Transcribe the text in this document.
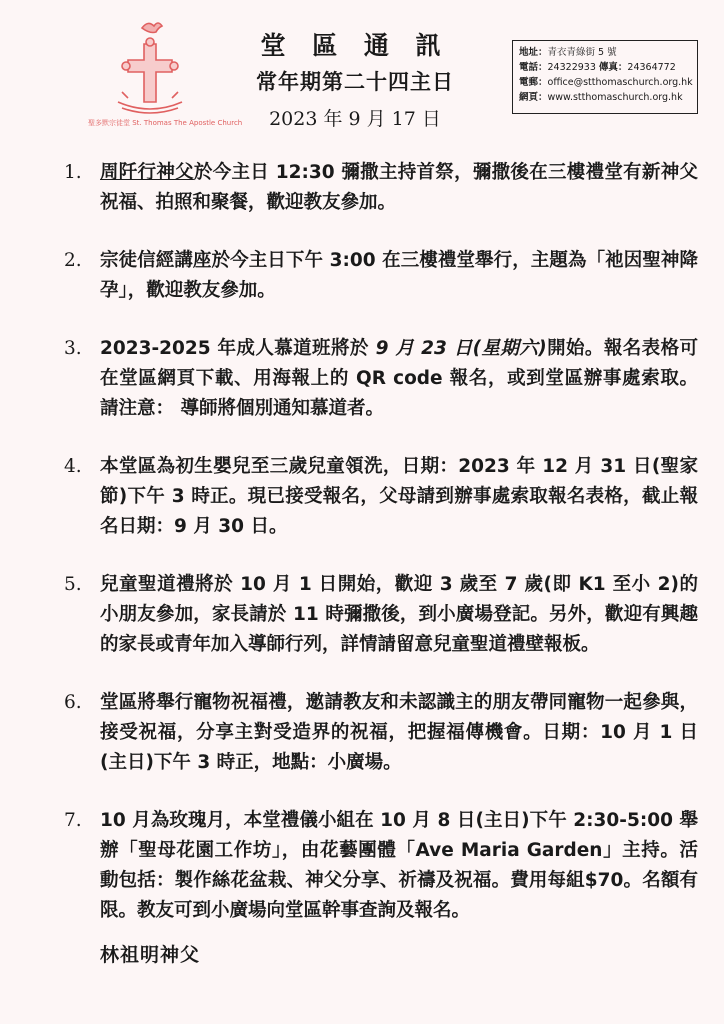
聖多默宗徒堂 St. Thomas The Apostle Church
堂 區 通 訊
常年期第二十四主日
2023 年 9 月 17 日
地址：青衣青綠街 5 號
電話：24322933 傳真：24364772
電郵：office@stthomaschurch.org.hk
網頁：www.stthomaschurch.org.hk
1. 周阡行神父於今主日 12:30 彌撒主持首祭，彌撒後在三樓禮堂有新神父祝福、拍照和聚餐，歡迎教友參加。
2. 宗徒信經講座於今主日下午 3:00 在三樓禮堂舉行，主題為「祂因聖神降孕」，歡迎教友參加。
3. 2023-2025 年成人慕道班將於 9 月 23 日(星期六)開始。報名表格可在堂區網頁下載、用海報上的 QR code 報名，或到堂區辦事處索取。請注意： 導師將個別通知慕道者。
4. 本堂區為初生嬰兒至三歲兒童領洗，日期：2023 年 12 月 31 日(聖家節)下午 3 時正。現已接受報名，父母請到辦事處索取報名表格，截止報名日期：9 月 30 日。
5. 兒童聖道禮將於 10 月 1 日開始，歡迎 3 歲至 7 歲(即 K1 至小 2)的小朋友參加，家長請於 11 時彌撒後，到小廣場登記。另外，歡迎有興趣的家長或青年加入導師行列，詳情請留意兒童聖道禮壁報板。
6. 堂區將舉行寵物祝福禮，邀請教友和未認識主的朋友帶同寵物一起參與，接受祝福，分享主對受造界的祝福，把握福傳機會。日期：10 月 1 日(主日)下午 3 時正，地點：小廣場。
7. 10 月為玫瑰月，本堂禮儀小組在 10 月 8 日(主日)下午 2:30-5:00 舉辦「聖母花園工作坊」，由花藝團體「Ave Maria Garden」主持。活動包括：製作絲花盆栽、神父分享、祈禱及祝福。費用每組$70。名額有限。教友可到小廣場向堂區幹事查詢及報名。
林祖明神父
